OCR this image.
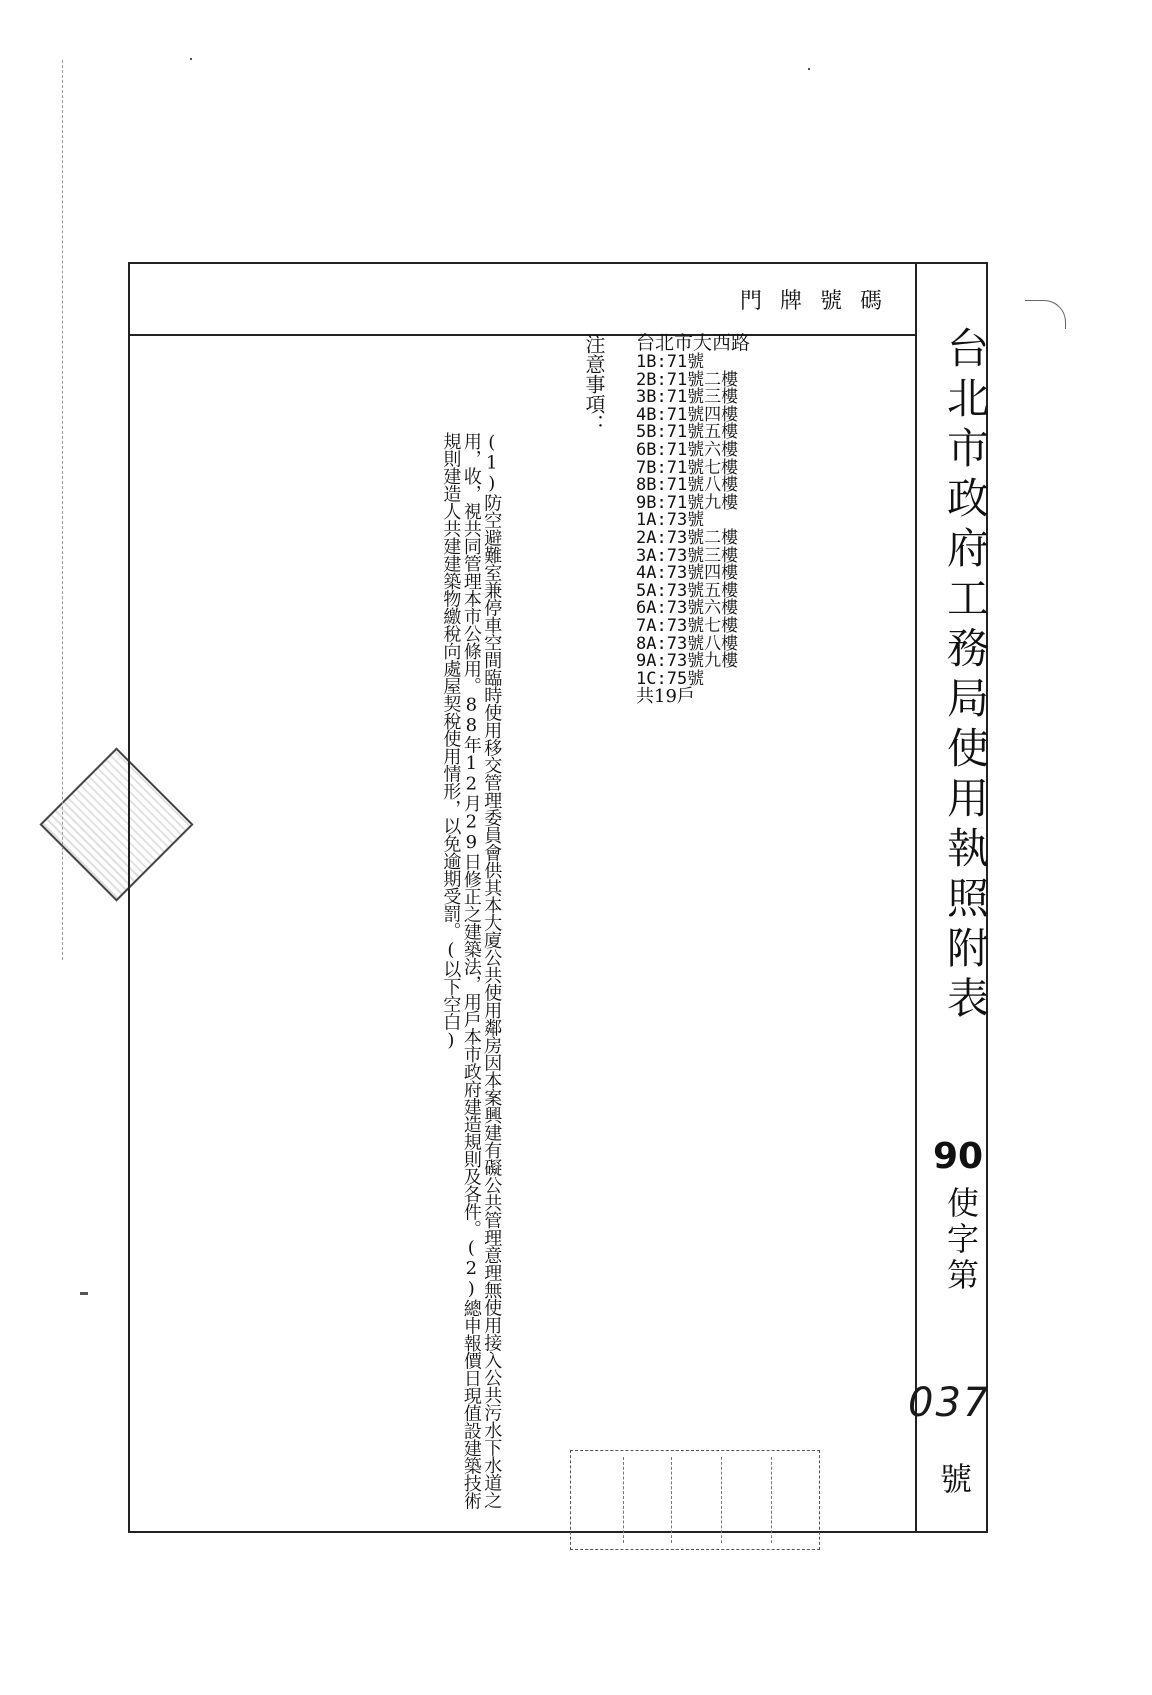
門牌號碼
台北市政府工務局使用執照附表
90
使字第
037
號
台北市大西路
1B:71號
2B:71號二樓
3B:71號三樓
4B:71號四樓
5B:71號五樓
6B:71號六樓
7B:71號七樓
8B:71號八樓
9B:71號九樓
1A:73號
2A:73號二樓
3A:73號三樓
4A:73號四樓
5A:73號五樓
6A:73號六樓
7A:73號七樓
8A:73號八樓
9A:73號九樓
1C:75號
共19戶
注意事項：
(1)防空避難室兼停車空間臨時使用移交管理委員會供其本大廈公共使用鄰房因本案興建有礙公共管理意理無使用接入公共污水下水道之用，收，視共同管理本市公條用。88年12月29日修正之建築法，用戶本市政府建造規則及各件。(2)總申報價日現值設建築技術規則建造人共建建築物繳稅向處屋契稅使用情形，以免逾期受罰。(以下空白)
